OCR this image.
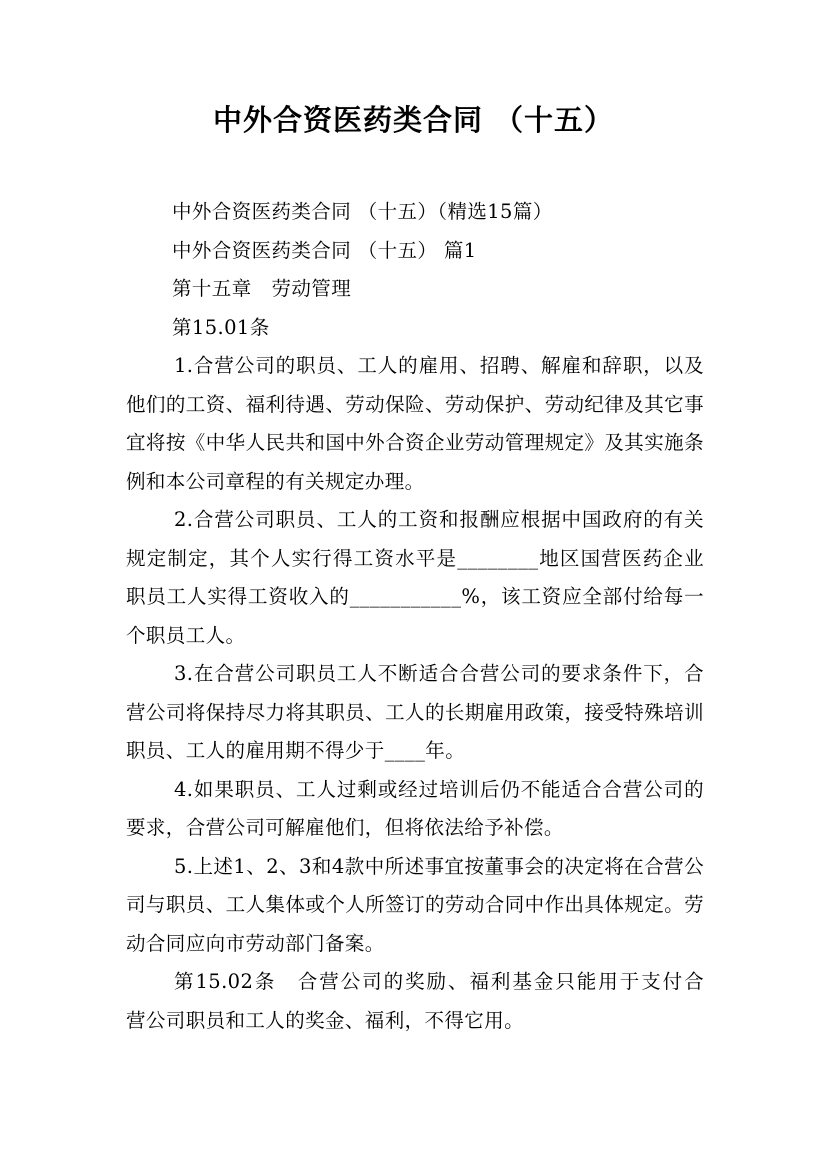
中外合资医药类合同 （十五）

中外合资医药类合同 （十五）（精选15篇）

中外合资医药类合同 （十五） 篇1

第十五章　劳动管理

第15.01条

1.合营公司的职员、工人的雇用、招聘、解雇和辞职，以及他们的工资、福利待遇、劳动保险、劳动保护、劳动纪律及其它事宜将按《中华人民共和国中外合资企业劳动管理规定》及其实施条例和本公司章程的有关规定办理。

2.合营公司职员、工人的工资和报酬应根据中国政府的有关规定制定，其个人实行得工资水平是________地区国营医药企业职员工人实得工资收入的___________%，该工资应全部付给每一个职员工人。

3.在合营公司职员工人不断适合合营公司的要求条件下，合营公司将保持尽力将其职员、工人的长期雇用政策，接受特殊培训职员、工人的雇用期不得少于____年。

4.如果职员、工人过剩或经过培训后仍不能适合合营公司的要求，合营公司可解雇他们，但将依法给予补偿。

5.上述1、2、3和4款中所述事宜按董事会的决定将在合营公司与职员、工人集体或个人所签订的劳动合同中作出具体规定。劳动合同应向市劳动部门备案。

第15.02条　合营公司的奖励、福利基金只能用于支付合　营公司职员和工人的奖金、福利，不得它用。
